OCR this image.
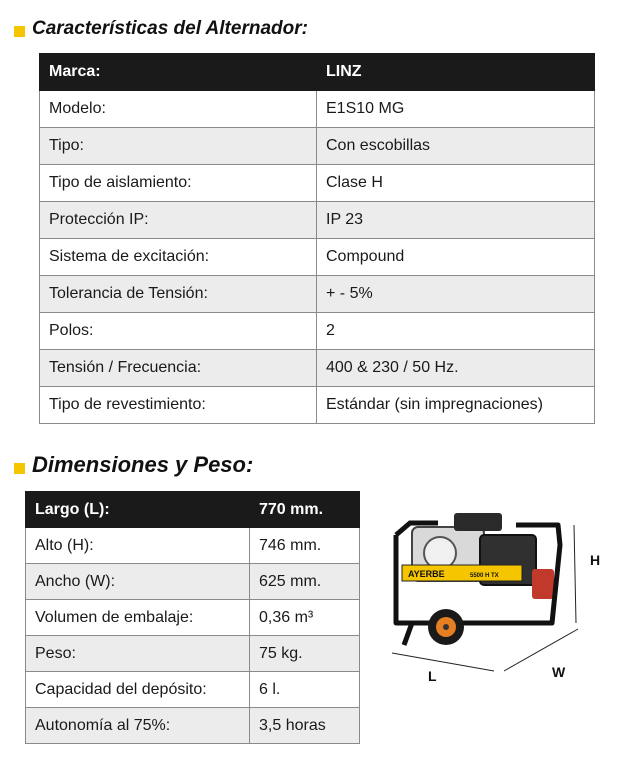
Características del Alternador:
Marca:	LINZ
Modelo:	E1S10 MG
Tipo:	Con escobillas
Tipo de aislamiento:	Clase H
Protección IP:	IP 23
Sistema de excitación:	Compound
Tolerancia de Tensión:	+ - 5%
Polos:	2
Tensión / Frecuencia:	400 & 230 / 50 Hz.
Tipo de revestimiento:	Estándar (sin impregnaciones)
Dimensiones y Peso:
Largo (L):	770 mm.
Alto (H):	746 mm.
Ancho (W):	625 mm.
Volumen de embalaje:	0,36 m³
Peso:	75 kg.
Capacidad del depósito:	6 l.
Autonomía al 75%:	3,5 horas
AYERBE	5500 H TX
H
L	W
